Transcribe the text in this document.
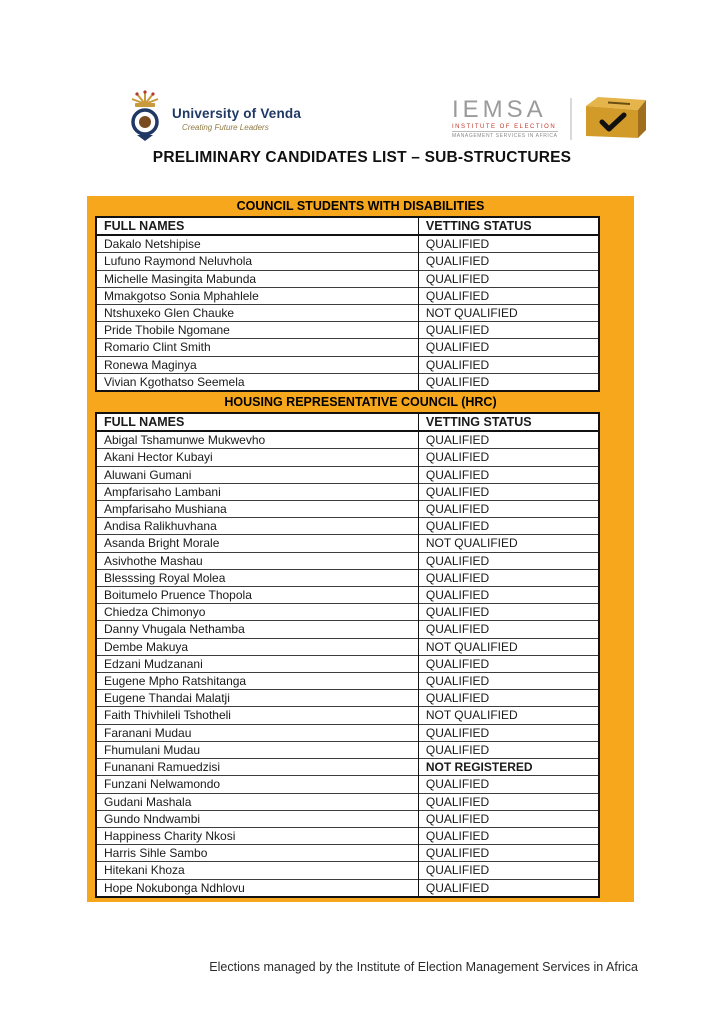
University of Venda
Creating Future Leaders
IEMSA
INSTITUTE OF ELECTION
MANAGEMENT SERVICES IN AFRICA
PRELIMINARY CANDIDATES LIST – SUB-STRUCTURES
COUNCIL STUDENTS WITH DISABILITIES
FULL NAMES	VETTING STATUS
Dakalo Netshipise	QUALIFIED
Lufuno Raymond Neluvhola	QUALIFIED
Michelle Masingita Mabunda	QUALIFIED
Mmakgotso Sonia Mphahlele	QUALIFIED
Ntshuxeko Glen Chauke	NOT QUALIFIED
Pride Thobile Ngomane	QUALIFIED
Romario Clint Smith	QUALIFIED
Ronewa Maginya	QUALIFIED
Vivian Kgothatso Seemela	QUALIFIED
HOUSING REPRESENTATIVE COUNCIL (HRC)
FULL NAMES	VETTING STATUS
Abigal Tshamunwe Mukwevho	QUALIFIED
Akani Hector Kubayi	QUALIFIED
Aluwani Gumani	QUALIFIED
Ampfarisaho Lambani	QUALIFIED
Ampfarisaho Mushiana	QUALIFIED
Andisa Ralikhuvhana	QUALIFIED
Asanda Bright Morale	NOT QUALIFIED
Asivhothe Mashau	QUALIFIED
Blesssing Royal Molea	QUALIFIED
Boitumelo Pruence Thopola	QUALIFIED
Chiedza Chimonyo	QUALIFIED
Danny Vhugala Nethamba	QUALIFIED
Dembe Makuya	NOT QUALIFIED
Edzani Mudzanani	QUALIFIED
Eugene Mpho Ratshitanga	QUALIFIED
Eugene Thandai Malatji	QUALIFIED
Faith Thivhileli Tshotheli	NOT QUALIFIED
Faranani Mudau	QUALIFIED
Fhumulani Mudau	QUALIFIED
Funanani Ramuedzisi	NOT REGISTERED
Funzani Nelwamondo	QUALIFIED
Gudani Mashala	QUALIFIED
Gundo Nndwambi	QUALIFIED
Happiness Charity Nkosi	QUALIFIED
Harris Sihle Sambo	QUALIFIED
Hitekani Khoza	QUALIFIED
Hope Nokubonga Ndhlovu	QUALIFIED
Elections managed by the Institute of Election Management Services in Africa
